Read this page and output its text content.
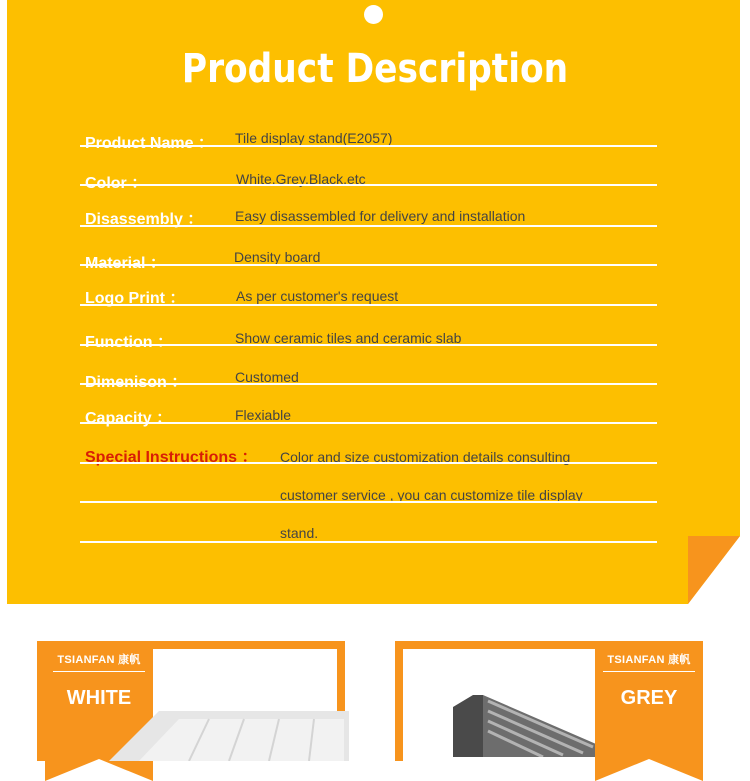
Product Description
Product Name ： Tile display stand(E2057)
Color ：	White,Grey,Black.etc
Disassembly ： Easy disassembled for delivery and installation
Material ：	Density board
Logo Print ：	As per customer's request
Function ：	Show ceramic tiles and ceramic slab
Dimenison ：	Customed
Capacity ：	Flexiable
Special Instructions ： Color and size customization details consulting
customer service , you can customize tile display
stand.
TSIANFAN 康帆
WHITE
TSIANFAN 康帆
GREY
